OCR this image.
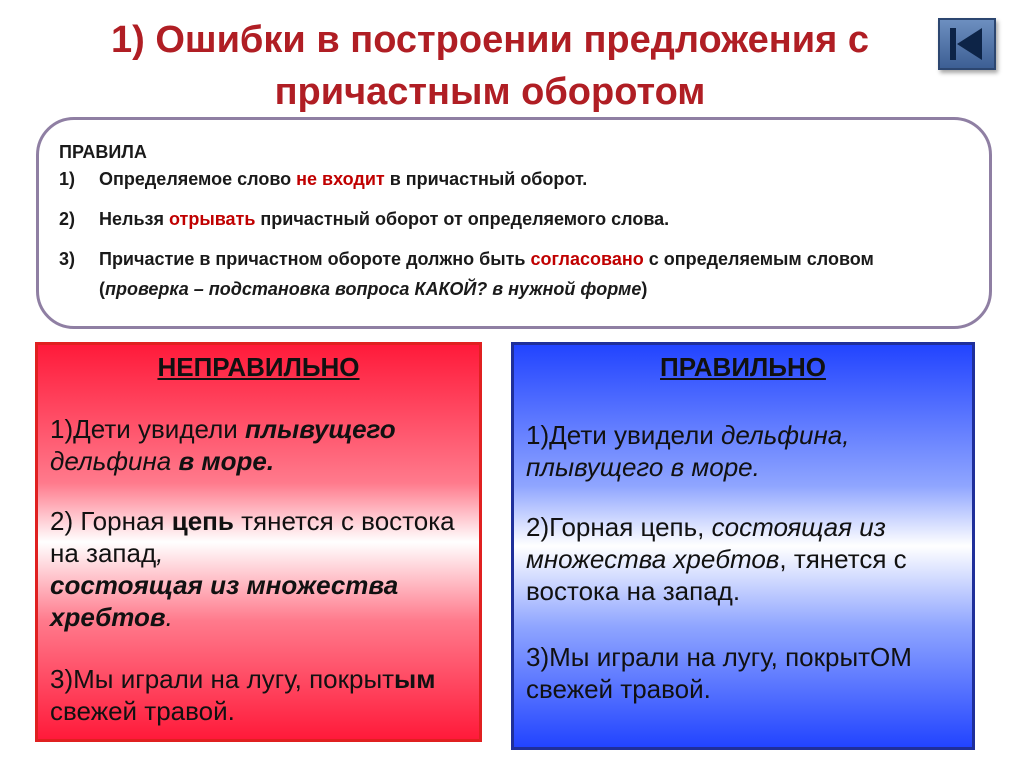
1) Ошибки в построении предложения с причастным оборотом
ПРАВИЛА
1) Определяемое слово не входит в причастный оборот.
2) Нельзя отрывать причастный оборот от определяемого слова.
3) Причастие в причастном обороте должно быть согласовано с определяемым словом (проверка – подстановка вопроса КАКОЙ? в нужной форме)
НЕПРАВИЛЬНО

1)Дети увидели плывущего
дельфина в море.

2) Горная цепь тянется с востока на запад,
состоящая из множества хребтов.

3)Мы играли на лугу, покрытым свежей травой.

ПРАВИЛЬНО

1)Дети увидели дельфина, плывущего в море.

2)Горная цепь, состоящая из множества хребтов, тянется с востока на запад.

3)Мы играли на лугу, покрытОМ свежей травой.
